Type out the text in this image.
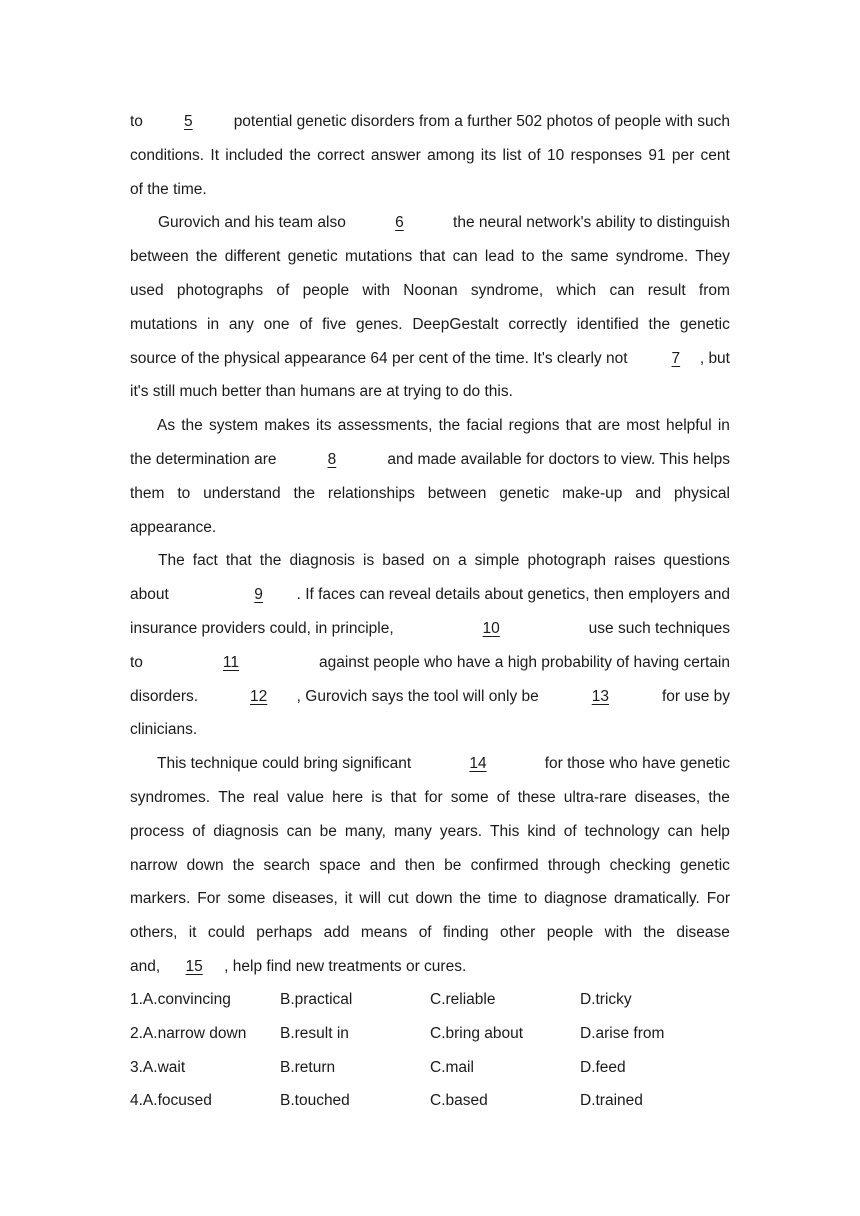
to	5	potential genetic disorders from a further 502 photos of people with such
conditions. It included the correct answer among its list of 10 responses 91 per cent
of the time.
Gurovich and his team also	6	the neural network's ability to distinguish
between the different genetic mutations that can lead to the same syndrome. They
used photographs of people with Noonan syndrome, which can result from
mutations in any one of five genes. DeepGestalt correctly identified the genetic
source of the physical appearance 64 per cent of the time. It's clearly not	7	, but
it's still much better than humans are at trying to do this.
As the system makes its assessments, the facial regions that are most helpful in
the determination are	8	and made available for doctors to view. This helps
them to understand the relationships between genetic make-up and physical
appearance.
The fact that the diagnosis is based on a simple photograph raises questions
about	9	. If faces can reveal details about genetics, then employers and
insurance providers could, in principle,	10	use such techniques
to	11	against people who have a high probability of having certain
disorders.	12	, Gurovich says the tool will only be	13	for use by
clinicians.
This technique could bring significant	14	for those who have genetic
syndromes. The real value here is that for some of these ultra-rare diseases, the
process of diagnosis can be many, many years. This kind of technology can help
narrow down the search space and then be confirmed through checking genetic
markers. For some diseases, it will cut down the time to diagnose dramatically. For
others, it could perhaps add means of finding other people with the disease
and,	15	, help find new treatments or cures.
1.A.convincing	B.practical	C.reliable	D.tricky
2.A.narrow down B.result in	C.bring about	D.arise from
3.A.wait	B.return	C.mail	D.feed
4.A.focused	B.touched	C.based	D.trained
